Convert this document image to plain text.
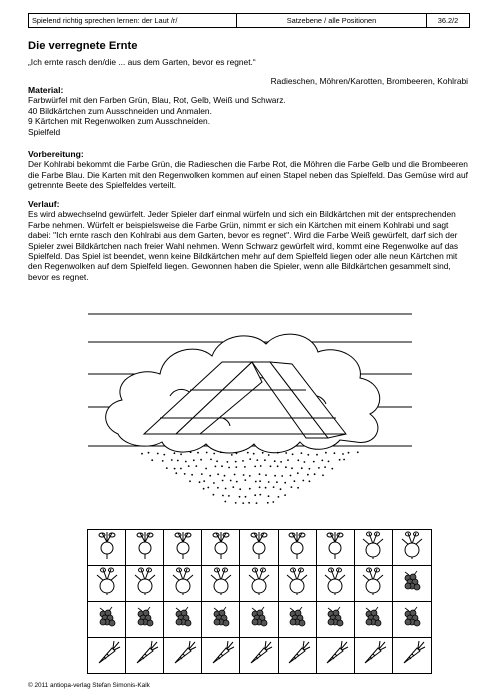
Spielend richtig sprechen lernen: der Laut /r/	Satzebene / alle Positionen	36.2/2
Die verregnete Ernte
„Ich ernte rasch den/die ... aus dem Garten, bevor es regnet.“
Radieschen, Möhren/Karotten, Brombeeren, Kohlrabi
Material:

Farbwürfel mit den Farben Grün, Blau, Rot, Gelb, Weiß und Schwarz.

40 Bildkärtchen zum Ausschneiden und Anmalen.

9 Kärtchen mit Regenwolken zum Ausschneiden.

Spielfeld

Vorbereitung:

Der Kohlrabi bekommt die Farbe Grün, die Radieschen die Farbe Rot, die Möhren die Farbe Gelb und die Brombeeren die Farbe Blau. Die Karten mit den Regenwolken kommen auf einen Stapel neben das Spielfeld. Das Gemüse wird auf getrennte Beete des Spielfeldes verteilt.

Verlauf:

Es wird abwechselnd gewürfelt. Jeder Spieler darf einmal würfeln und sich ein Bildkärtchen mit der entsprechenden Farbe nehmen. Würfelt er beispielsweise die Farbe Grün, nimmt er sich ein Kärtchen mit einem Kohlrabi und sagt dabei: "Ich ernte rasch den Kohlrabi aus dem Garten, bevor es regnet". Wird die Farbe Weiß gewürfelt, darf sich der Spieler zwei Bildkärtchen nach freier Wahl nehmen. Wenn Schwarz gewürfelt wird, kommt eine Regenwolke auf das Spielfeld. Das Spiel ist beendet, wenn keine Bildkärtchen mehr auf dem Spielfeld liegen oder alle neun Kärtchen mit den Regenwolken auf dem Spielfeld liegen. Gewonnen haben die Spieler, wenn alle Bildkärtchen gesammelt sind, bevor es regnet.

© 2011 antiopa-verlag Stefan Simonis-Kalk
